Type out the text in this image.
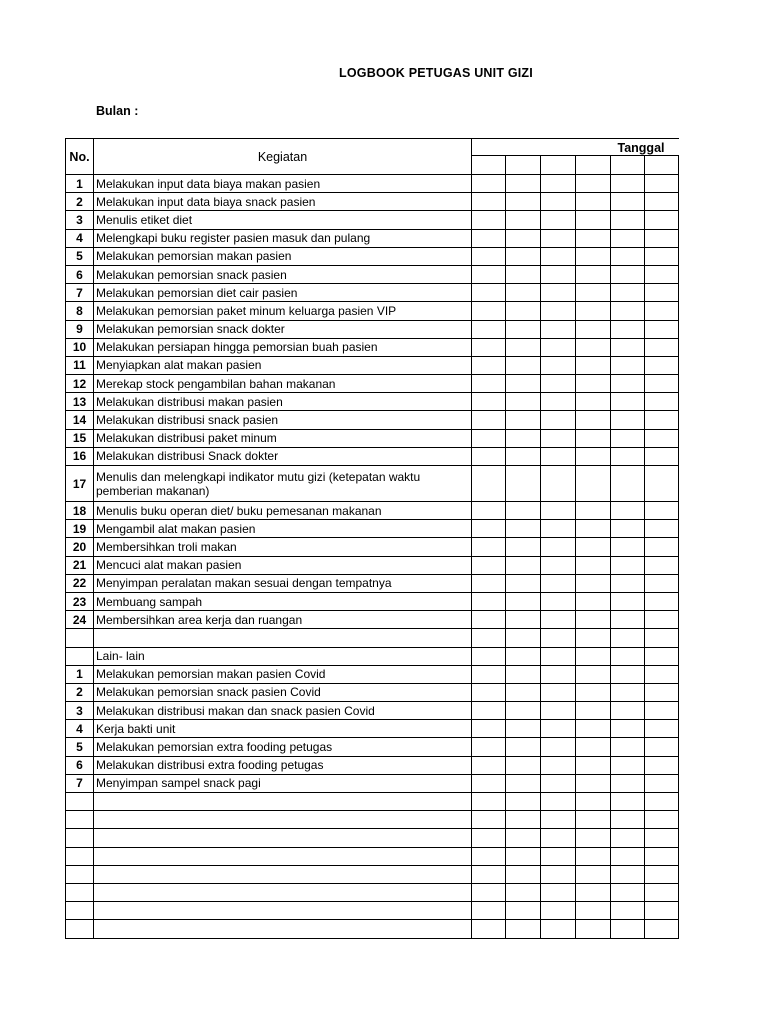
LOGBOOK PETUGAS UNIT GIZI
Bulan :
No.	Kegiatan	Tanggal					

1	Melakukan input data biaya makan pasien						
2	Melakukan input data biaya snack pasien						
3	Menulis etiket diet						
4	Melengkapi buku register pasien masuk dan pulang						
5	Melakukan pemorsian makan pasien						
6	Melakukan pemorsian snack pasien						
7	Melakukan pemorsian diet cair pasien						
8	Melakukan pemorsian paket minum keluarga pasien VIP						
9	Melakukan pemorsian snack dokter						
10	Melakukan persiapan hingga pemorsian buah pasien						
11	Menyiapkan alat makan pasien						
12	Merekap stock pengambilan bahan makanan						
13	Melakukan distribusi makan pasien						
14	Melakukan distribusi snack pasien						
15	Melakukan distribusi paket minum						
16	Melakukan distribusi Snack dokter						
17	Menulis dan melengkapi indikator mutu gizi (ketepatan waktu pemberian makanan)						
18	Menulis buku operan diet/ buku pemesanan makanan						
19	Mengambil alat makan pasien						
20	Membersihkan troli makan						
21	Mencuci alat makan pasien						
22	Menyimpan peralatan makan sesuai dengan tempatnya						
23	Membuang sampah						
24	Membersihkan area kerja dan ruangan						

	Lain- lain						
1	Melakukan pemorsian makan pasien Covid						
2	Melakukan pemorsian snack pasien Covid						
3	Melakukan distribusi makan dan snack pasien Covid						
4	Kerja bakti unit						
5	Melakukan pemorsian extra fooding petugas						
6	Melakukan distribusi extra fooding petugas						
7	Menyimpan sampel snack pagi						
